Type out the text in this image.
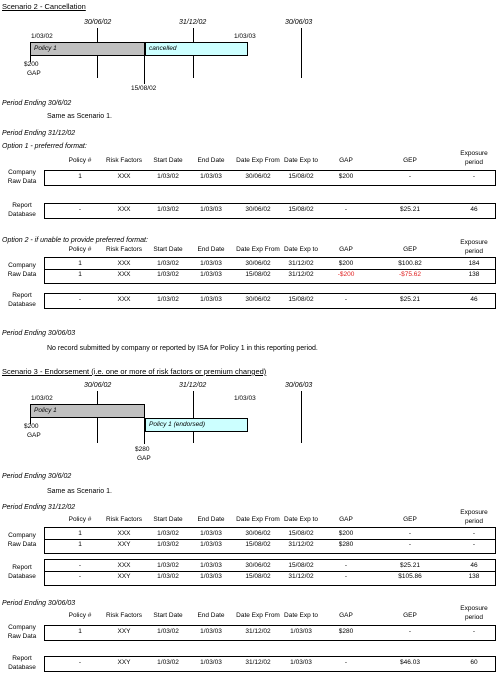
Scenario 2 - Cancellation
30/06/02	31/12/02	30/06/03
1/03/02	1/03/03
Policy 1	cancelled
$200
GAP
15/08/02
Period Ending 30/6/02
Same as Scenario 1.
Period Ending 31/12/02
Option 1 - preferred format:
Option 2 - if unable to provide preferred format:
Period Ending 30/06/03
No record submitted by company or reported by ISA for Policy 1 in this reporting period.
Scenario 3 - Endorsement (i.e. one or more of risk factors or premium changed)
30/06/02	31/12/02	30/06/03
1/03/02	1/03/03
Policy 1
Policy 1 (endorsed)
$200
GAP
$280
GAP
Period Ending 30/6/02
Same as Scenario 1.
Period Ending 31/12/02
Period Ending 30/06/03
Policy #	Risk Factors	Start Date	End Date	Date Exp From Date Exp to	GAP	GEP
Exposure
period
Company
Raw Data
1	XXX	1/03/02	1/03/03	30/06/02	15/08/02	$200	-	-
Report
Database
-	XXX	1/03/02	1/03/03	30/06/02	15/08/02	-	$25.21	46
Policy #	Risk Factors	Start Date	End Date	Date Exp From Date Exp to	GAP	GEP
Exposure
period
Company
Raw Data
1	XXX	1/03/02	1/03/03	30/06/02	31/12/02	$200	$100.82	184
1	XXX	1/03/02	1/03/03	15/08/02	31/12/02	-$200	-$75.62	138
Report
Database
-	XXX	1/03/02	1/03/03	30/06/02	15/08/02	-	$25.21	46
Policy #	Risk Factors	Start Date	End Date	Date Exp From Date Exp to	GAP	GEP
Exposure
period
Company
Raw Data
1	XXX	1/03/02	1/03/03	30/06/02	15/08/02	$200	-	-
1	XXY	1/03/02	1/03/03	15/08/02	31/12/02	$280	-	-
Report
Database
-	XXX	1/03/02	1/03/03	30/06/02	15/08/02	-	$25.21	46
-	XXY	1/03/02	1/03/03	15/08/02	31/12/02	-	$105.86	138
Policy #	Risk Factors	Start Date	End Date	Date Exp From Date Exp to	GAP	GEP
Exposure
period
Company
Raw Data
1	XXY	1/03/02	1/03/03	31/12/02	1/03/03	$280	-	-
Report
Database
-	XXY	1/03/02	1/03/03	31/12/02	1/03/03	-	$46.03	60
